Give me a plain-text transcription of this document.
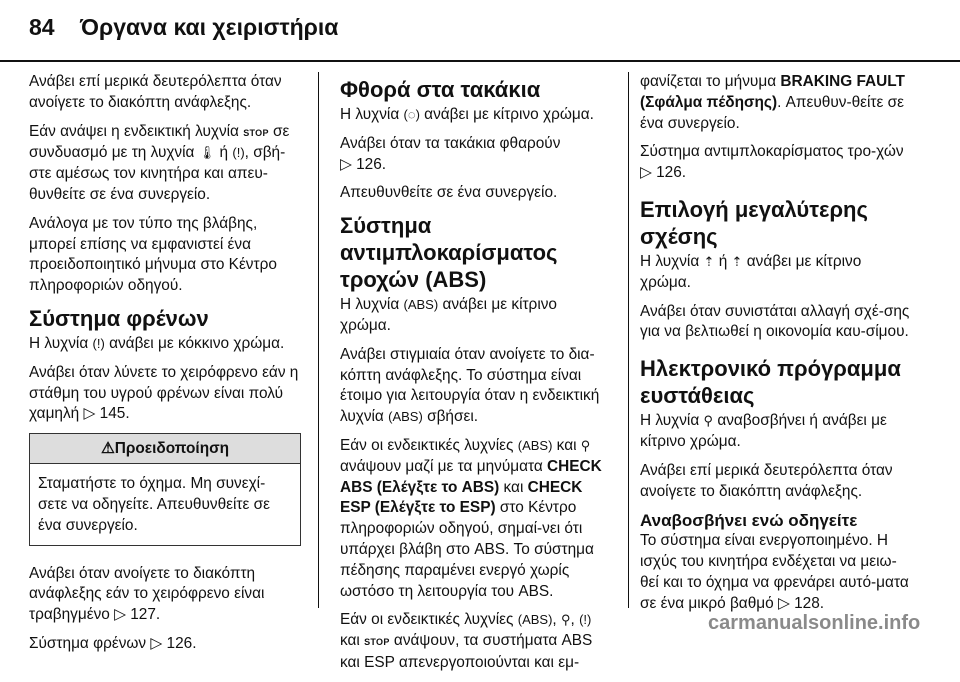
84 Όργανα και χειριστήρια

Ανάβει επί μερικά δευτερόλεπτα όταν ανοίγετε το διακόπτη ανάφλεξης.

Εάν ανάψει η ενδεικτική λυχνία STOP σε συνδυασμό με τη λυχνία 🌡 ή (!), σβή-στε αμέσως τον κινητήρα και απευ-θυνθείτε σε ένα συνεργείο.

Ανάλογα με τον τύπο της βλάβης, μπορεί επίσης να εμφανιστεί ένα προειδοποιητικό μήνυμα στο Κέντρο πληροφοριών οδηγού.

Σύστημα φρένων

Η λυχνία (!) ανάβει με κόκκινο χρώμα.

Ανάβει όταν λύνετε το χειρόφρενο εάν η στάθμη του υγρού φρένων είναι πολύ χαμηλή ▷ 145.

⚠Προειδοποίηση
Σταματήστε το όχημα. Μη συνεχί-σετε να οδηγείτε. Απευθυνθείτε σε ένα συνεργείο.

Ανάβει όταν ανοίγετε το διακόπτη ανάφλεξης εάν το χειρόφρενο είναι τραβηγμένο ▷ 127.

Σύστημα φρένων ▷ 126.

Φθορά στα τακάκια

Η λυχνία (◌) ανάβει με κίτρινο χρώμα.

Ανάβει όταν τα τακάκια φθαρούν
▷ 126.

Απευθυνθείτε σε ένα συνεργείο.

Σύστημα αντιμπλοκαρίσματος τροχών (ABS)

Η λυχνία (ABS) ανάβει με κίτρινο χρώμα.

Ανάβει στιγμιαία όταν ανοίγετε το δια-κόπτη ανάφλεξης. Το σύστημα είναι έτοιμο για λειτουργία όταν η ενδεικτική λυχνία (ABS) σβήσει.

Εάν οι ενδεικτικές λυχνίες (ABS) και ⚲ ανάψουν μαζί με τα μηνύματα CHECK ABS (Ελέγξτε το ABS) και CHECK ESP (Ελέγξτε το ESP) στο Κέντρο πληροφοριών οδηγού, σημαί-νει ότι υπάρχει βλάβη στο ABS. Το σύστημα πέδησης παραμένει ενεργό χωρίς ωστόσο τη λειτουργία του ABS.

Εάν οι ενδεικτικές λυχνίες (ABS), ⚲, (!) και STOP ανάψουν, τα συστήματα ABS και ESP απενεργοποιούνται και εμ-

φανίζεται το μήνυμα BRAKING FAULT (Σφάλμα πέδησης). Απευθυν-θείτε σε ένα συνεργείο.

Σύστημα αντιμπλοκαρίσματος τρο-χών ▷ 126.

Επιλογή μεγαλύτερης σχέσης

Η λυχνία ⇡ ή ⇡ ανάβει με κίτρινο χρώμα.

Ανάβει όταν συνιστάται αλλαγή σχέ-σης για να βελτιωθεί η οικονομία καυ-σίμου.

Ηλεκτρονικό πρόγραμμα ευστάθειας

Η λυχνία ⚲ αναβοσβήνει ή ανάβει με κίτρινο χρώμα.

Ανάβει επί μερικά δευτερόλεπτα όταν ανοίγετε το διακόπτη ανάφλεξης.

Αναβοσβήνει ενώ οδηγείτε

Το σύστημα είναι ενεργοποιημένο. Η ισχύς του κινητήρα ενδέχεται να μειω-θεί και το όχημα να φρενάρει αυτό-ματα σε ένα μικρό βαθμό ▷ 128.

carmanualsonline.info
